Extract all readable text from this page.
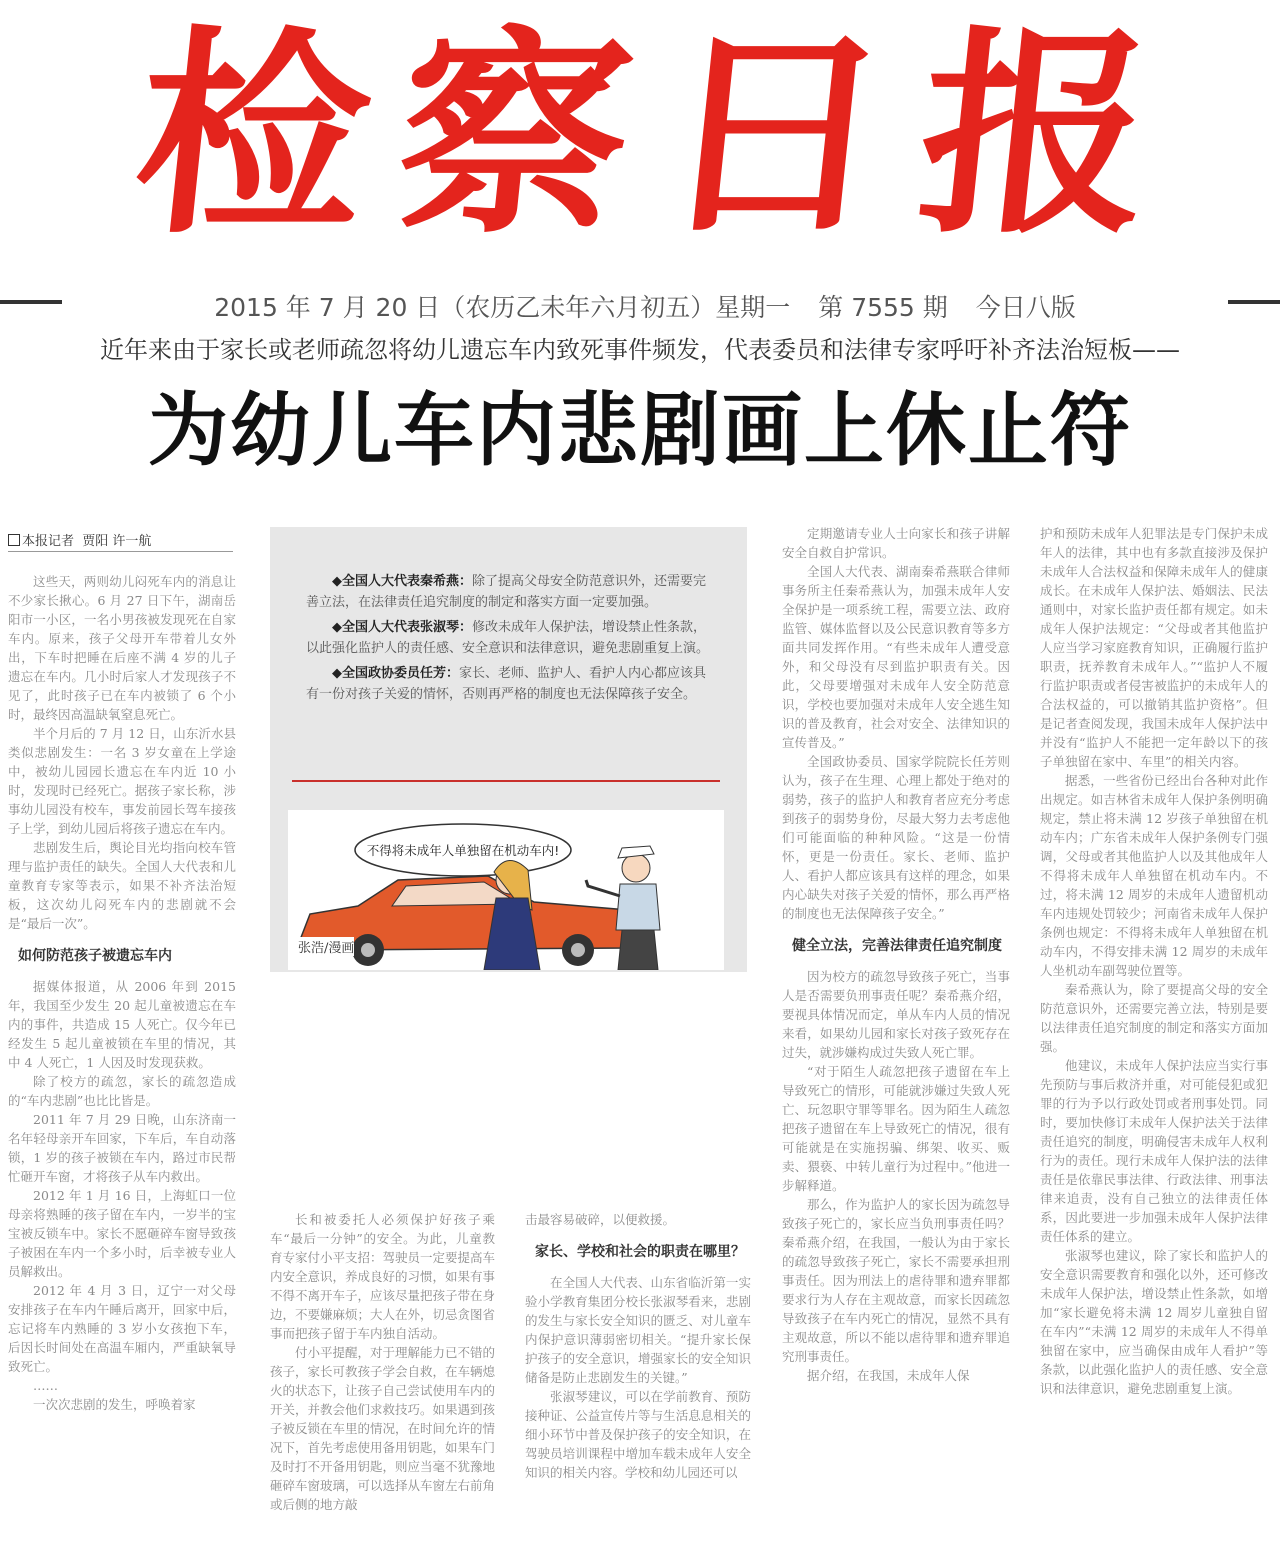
检 察 日 报
2015 年 7 月 20 日（农历乙未年六月初五）星期一 第 7555 期 今日八版
近年来由于家长或老师疏忽将幼儿遗忘车内致死事件频发，代表委员和法律专家呼吁补齐法治短板——
为幼儿车内悲剧画上休止符
本报记者 贾阳 许一航

这些天，两则幼儿闷死车内的消息让不少家长揪心。6 月 27 日下午，湖南岳阳市一小区，一名小男孩被发现死在自家车内。原来，孩子父母开车带着儿女外出，下车时把睡在后座不满 4 岁的儿子遗忘在车内。几小时后家人才发现孩子不见了，此时孩子已在车内被锁了 6 个小时，最终因高温缺氧窒息死亡。

半个月后的 7 月 12 日，山东沂水县类似悲剧发生：一名 3 岁女童在上学途中，被幼儿园园长遗忘在车内近 10 小时，发现时已经死亡。据孩子家长称，涉事幼儿园没有校车，事发前园长驾车接孩子上学，到幼儿园后将孩子遗忘在车内。

悲剧发生后，舆论目光均指向校车管理与监护责任的缺失。全国人大代表和儿童教育专家等表示，如果不补齐法治短板，这次幼儿闷死车内的悲剧就不会是“最后一次”。

如何防范孩子被遗忘车内

据媒体报道，从 2006 年到 2015 年，我国至少发生 20 起儿童被遗忘在车内的事件，共造成 15 人死亡。仅今年已经发生 5 起儿童被锁在车里的情况，其中 4 人死亡，1 人因及时发现获救。

除了校方的疏忽，家长的疏忽造成的“车内悲剧”也比比皆是。

2011 年 7 月 29 日晚，山东济南一名年轻母亲开车回家，下车后，车自动落锁，1 岁的孩子被锁在车内，路过市民帮忙砸开车窗，才将孩子从车内救出。

2012 年 1 月 16 日，上海虹口一位母亲将熟睡的孩子留在车内，一岁半的宝宝被反锁车中。家长不愿砸碎车窗导致孩子被困在车内一个多小时，后幸被专业人员解救出。

2012 年 4 月 3 日，辽宁一对父母安排孩子在车内午睡后离开，回家中后，忘记将车内熟睡的 3 岁小女孩抱下车，后因长时间处在高温车厢内，严重缺氧导致死亡。

……

一次次悲剧的发生，呼唤着家

◆全国人大代表秦希燕：除了提高父母安全防范意识外，还需要完善立法，在法律责任追究制度的制定和落实方面一定要加强。

◆全国人大代表张淑琴：修改未成年人保护法，增设禁止性条款，以此强化监护人的责任感、安全意识和法律意识，避免悲剧重复上演。

◆全国政协委员任芳：家长、老师、监护人、看护人内心都应该具有一份对孩子关爱的情怀，否则再严格的制度也无法保障孩子安全。

不得将未成年人单独留在机动车内!
张浩/漫画

长和被委托人必须保护好孩子乘车“最后一分钟”的安全。为此，儿童教育专家付小平支招：驾驶员一定要提高车内安全意识，养成良好的习惯，如果有事不得不离开车子，应该尽量把孩子带在身边，不要嫌麻烦；大人在外，切忌贪图省事而把孩子留于车内独自活动。

付小平提醒，对于理解能力已不错的孩子，家长可教孩子学会自救，在车辆熄火的状态下，让孩子自己尝试使用车内的开关，并教会他们求救技巧。如果遇到孩子被反锁在车里的情况，在时间允许的情况下，首先考虑使用备用钥匙，如果车门及时打不开备用钥匙，则应当毫不犹豫地砸碎车窗玻璃，可以选择从车窗左右前角或后侧的地方敲

击最容易破碎，以便救援。

家长、学校和社会的职责在哪里？

在全国人大代表、山东省临沂第一实验小学教育集团分校长张淑琴看来，悲剧的发生与家长安全知识的匮乏、对儿童车内保护意识薄弱密切相关。“提升家长保护孩子的安全意识，增强家长的安全知识储备是防止悲剧发生的关键。”

张淑琴建议，可以在学前教育、预防接种证、公益宣传片等与生活息息相关的细小环节中普及保护孩子的安全知识，在驾驶员培训课程中增加车载未成年人安全知识的相关内容。学校和幼儿园还可以

定期邀请专业人士向家长和孩子讲解安全自救自护常识。

全国人大代表、湖南秦希燕联合律师事务所主任秦希燕认为，加强未成年人安全保护是一项系统工程，需要立法、政府监管、媒体监督以及公民意识教育等多方面共同发挥作用。“有些未成年人遭受意外，和父母没有尽到监护职责有关。因此，父母要增强对未成年人安全防范意识，学校也要加强对未成年人安全逃生知识的普及教育，社会对安全、法律知识的宣传普及。”

全国政协委员、国家学院院长任芳则认为，孩子在生理、心理上都处于绝对的弱势，孩子的监护人和教育者应充分考虑到孩子的弱势身份，尽最大努力去考虑他们可能面临的种种风险。“这是一份情怀，更是一份责任。家长、老师、监护人、看护人都应该具有这样的理念，如果内心缺失对孩子关爱的情怀，那么再严格的制度也无法保障孩子安全。”

健全立法，完善法律责任追究制度

因为校方的疏忽导致孩子死亡，当事人是否需要负刑事责任呢？秦希燕介绍，要视具体情况而定，单从车内人员的情况来看，如果幼儿园和家长对孩子致死存在过失，就涉嫌构成过失致人死亡罪。

“对于陌生人疏忽把孩子遗留在车上导致死亡的情形，可能就涉嫌过失致人死亡、玩忽职守罪等罪名。因为陌生人疏忽把孩子遗留在车上导致死亡的情况，很有可能就是在实施拐骗、绑架、收买、贩卖、猥亵、中转儿童行为过程中。”他进一步解释道。

那么，作为监护人的家长因为疏忽导致孩子死亡的，家长应当负刑事责任吗？秦希燕介绍，在我国，一般认为由于家长的疏忽导致孩子死亡，家长不需要承担刑事责任。因为刑法上的虐待罪和遗弃罪都要求行为人存在主观故意，而家长因疏忽导致孩子在车内死亡的情况，显然不具有主观故意，所以不能以虐待罪和遗弃罪追究刑事责任。

据介绍，在我国，未成年人保

护和预防未成年人犯罪法是专门保护未成年人的法律，其中也有多款直接涉及保护未成年人合法权益和保障未成年人的健康成长。在未成年人保护法、婚姻法、民法通则中，对家长监护责任都有规定。如未成年人保护法规定：“父母或者其他监护人应当学习家庭教育知识，正确履行监护职责，抚养教育未成年人。”“监护人不履行监护职责或者侵害被监护的未成年人的合法权益的，可以撤销其监护资格”。但是记者查阅发现，我国未成年人保护法中并没有“监护人不能把一定年龄以下的孩子单独留在家中、车里”的相关内容。

据悉，一些省份已经出台各种对此作出规定。如吉林省未成年人保护条例明确规定，禁止将未满 12 岁孩子单独留在机动车内；广东省未成年人保护条例专门强调，父母或者其他监护人以及其他成年人不得将未成年人单独留在机动车内。不过，将未满 12 周岁的未成年人遗留机动车内违规处罚较少；河南省未成年人保护条例也规定：不得将未成年人单独留在机动车内，不得安排未满 12 周岁的未成年人坐机动车副驾驶位置等。

秦希燕认为，除了要提高父母的安全防范意识外，还需要完善立法，特别是要以法律责任追究制度的制定和落实方面加强。

他建议，未成年人保护法应当实行事先预防与事后救济并重，对可能侵犯或犯罪的行为予以行政处罚或者刑事处罚。同时，要加快修订未成年人保护法关于法律责任追究的制度，明确侵害未成年人权利行为的责任。现行未成年人保护法的法律责任是依靠民事法律、行政法律、刑事法律来追责，没有自己独立的法律责任体系，因此要进一步加强未成年人保护法律责任体系的建立。

张淑琴也建议，除了家长和监护人的安全意识需要教育和强化以外，还可修改未成年人保护法，增设禁止性条款，如增加“家长避免将未满 12 周岁儿童独自留在车内”“未满 12 周岁的未成年人不得单独留在家中，应当确保由成年人看护”等条款，以此强化监护人的责任感、安全意识和法律意识，避免悲剧重复上演。
